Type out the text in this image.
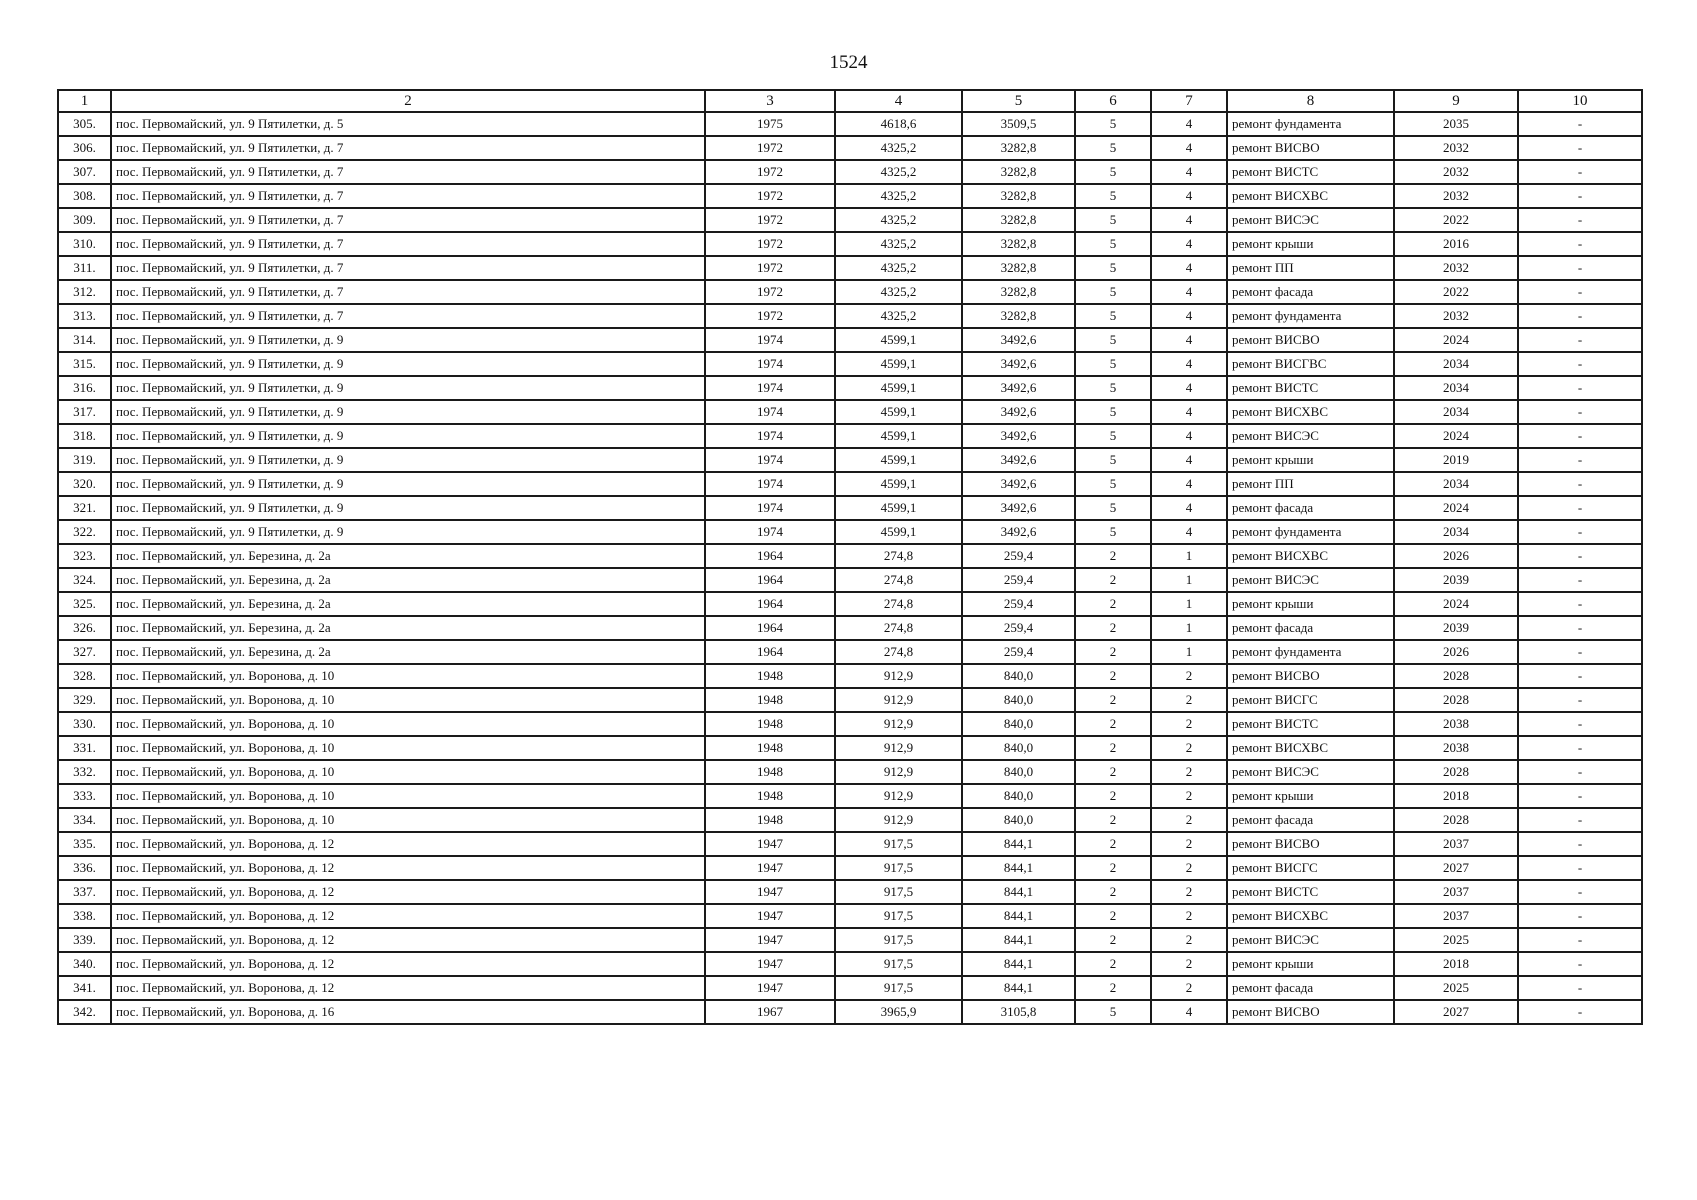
1524
1	2	3	4	5	6	7	8	9	10
305.	пос. Первомайский, ул. 9 Пятилетки, д. 5	1975	4618,6	3509,5	5	4	ремонт фундамента	2035	-
306.	пос. Первомайский, ул. 9 Пятилетки, д. 7	1972	4325,2	3282,8	5	4	ремонт ВИСВО	2032	-
307.	пос. Первомайский, ул. 9 Пятилетки, д. 7	1972	4325,2	3282,8	5	4	ремонт ВИСТС	2032	-
308.	пос. Первомайский, ул. 9 Пятилетки, д. 7	1972	4325,2	3282,8	5	4	ремонт ВИСХВС	2032	-
309.	пос. Первомайский, ул. 9 Пятилетки, д. 7	1972	4325,2	3282,8	5	4	ремонт ВИСЭС	2022	-
310.	пос. Первомайский, ул. 9 Пятилетки, д. 7	1972	4325,2	3282,8	5	4	ремонт крыши	2016	-
311.	пос. Первомайский, ул. 9 Пятилетки, д. 7	1972	4325,2	3282,8	5	4	ремонт ПП	2032	-
312.	пос. Первомайский, ул. 9 Пятилетки, д. 7	1972	4325,2	3282,8	5	4	ремонт фасада	2022	-
313.	пос. Первомайский, ул. 9 Пятилетки, д. 7	1972	4325,2	3282,8	5	4	ремонт фундамента	2032	-
314.	пос. Первомайский, ул. 9 Пятилетки, д. 9	1974	4599,1	3492,6	5	4	ремонт ВИСВО	2024	-
315.	пос. Первомайский, ул. 9 Пятилетки, д. 9	1974	4599,1	3492,6	5	4	ремонт ВИСГВС	2034	-
316.	пос. Первомайский, ул. 9 Пятилетки, д. 9	1974	4599,1	3492,6	5	4	ремонт ВИСТС	2034	-
317.	пос. Первомайский, ул. 9 Пятилетки, д. 9	1974	4599,1	3492,6	5	4	ремонт ВИСХВС	2034	-
318.	пос. Первомайский, ул. 9 Пятилетки, д. 9	1974	4599,1	3492,6	5	4	ремонт ВИСЭС	2024	-
319.	пос. Первомайский, ул. 9 Пятилетки, д. 9	1974	4599,1	3492,6	5	4	ремонт крыши	2019	-
320.	пос. Первомайский, ул. 9 Пятилетки, д. 9	1974	4599,1	3492,6	5	4	ремонт ПП	2034	-
321.	пос. Первомайский, ул. 9 Пятилетки, д. 9	1974	4599,1	3492,6	5	4	ремонт фасада	2024	-
322.	пос. Первомайский, ул. 9 Пятилетки, д. 9	1974	4599,1	3492,6	5	4	ремонт фундамента	2034	-
323.	пос. Первомайский, ул. Березина, д. 2а	1964	274,8	259,4	2	1	ремонт ВИСХВС	2026	-
324.	пос. Первомайский, ул. Березина, д. 2а	1964	274,8	259,4	2	1	ремонт ВИСЭС	2039	-
325.	пос. Первомайский, ул. Березина, д. 2а	1964	274,8	259,4	2	1	ремонт крыши	2024	-
326.	пос. Первомайский, ул. Березина, д. 2а	1964	274,8	259,4	2	1	ремонт фасада	2039	-
327.	пос. Первомайский, ул. Березина, д. 2а	1964	274,8	259,4	2	1	ремонт фундамента	2026	-
328.	пос. Первомайский, ул. Воронова, д. 10	1948	912,9	840,0	2	2	ремонт ВИСВО	2028	-
329.	пос. Первомайский, ул. Воронова, д. 10	1948	912,9	840,0	2	2	ремонт ВИСГС	2028	-
330.	пос. Первомайский, ул. Воронова, д. 10	1948	912,9	840,0	2	2	ремонт ВИСТС	2038	-
331.	пос. Первомайский, ул. Воронова, д. 10	1948	912,9	840,0	2	2	ремонт ВИСХВС	2038	-
332.	пос. Первомайский, ул. Воронова, д. 10	1948	912,9	840,0	2	2	ремонт ВИСЭС	2028	-
333.	пос. Первомайский, ул. Воронова, д. 10	1948	912,9	840,0	2	2	ремонт крыши	2018	-
334.	пос. Первомайский, ул. Воронова, д. 10	1948	912,9	840,0	2	2	ремонт фасада	2028	-
335.	пос. Первомайский, ул. Воронова, д. 12	1947	917,5	844,1	2	2	ремонт ВИСВО	2037	-
336.	пос. Первомайский, ул. Воронова, д. 12	1947	917,5	844,1	2	2	ремонт ВИСГС	2027	-
337.	пос. Первомайский, ул. Воронова, д. 12	1947	917,5	844,1	2	2	ремонт ВИСТС	2037	-
338.	пос. Первомайский, ул. Воронова, д. 12	1947	917,5	844,1	2	2	ремонт ВИСХВС	2037	-
339.	пос. Первомайский, ул. Воронова, д. 12	1947	917,5	844,1	2	2	ремонт ВИСЭС	2025	-
340.	пос. Первомайский, ул. Воронова, д. 12	1947	917,5	844,1	2	2	ремонт крыши	2018	-
341.	пос. Первомайский, ул. Воронова, д. 12	1947	917,5	844,1	2	2	ремонт фасада	2025	-
342.	пос. Первомайский, ул. Воронова, д. 16	1967	3965,9	3105,8	5	4	ремонт ВИСВО	2027	-
